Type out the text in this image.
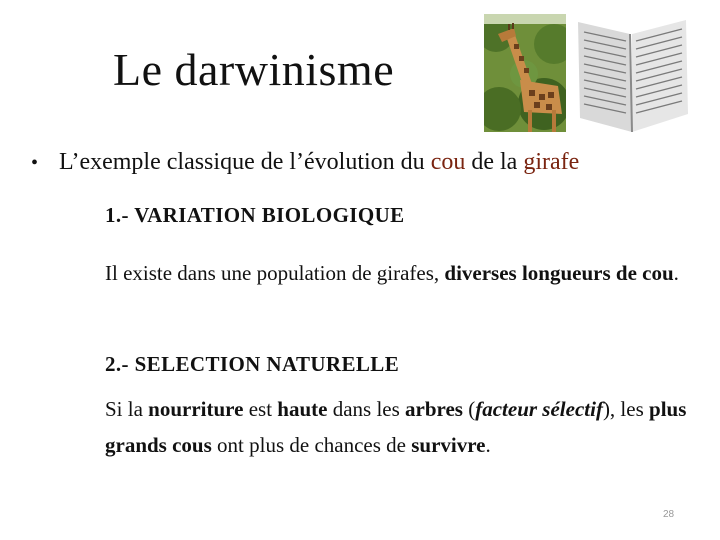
Le darwinisme
• L’exemple classique de l’évolution du cou de la girafe
1.- VARIATION BIOLOGIQUE
Il existe dans une population de girafes, diverses longueurs de cou.
2.- SELECTION NATURELLE
Si la nourriture est haute dans les arbres (facteur sélectif), les plus grands cous ont plus de chances de survivre.
28
